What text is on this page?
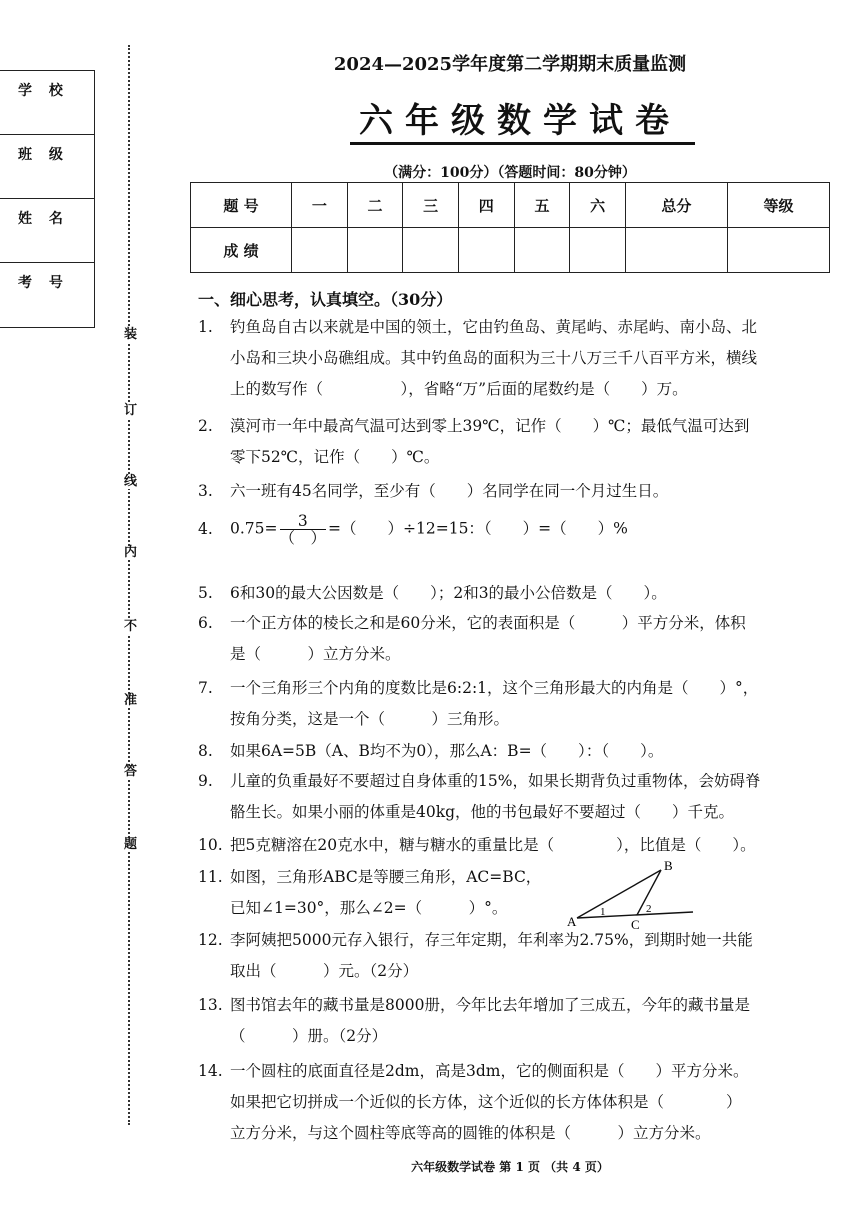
学 校
班 级
姓 名
考 号
装
订
线
内
不
准
答
题
2024—2025学年度第二学期期末质量监测
六年级数学试卷
（满分：100分）（答题时间：80分钟）
题 号	一	二	三	四	五	六	总分	等级
成 绩								
一、细心思考，认真填空。（30分）
1. 钓鱼岛自古以来就是中国的领土，它由钓鱼岛、黄尾屿、赤尾屿、南小岛、北
小岛和三块小岛礁组成。其中钓鱼岛的面积为三十八万三千八百平方米，横线
上的数写作（　　　　　），省略“万”后面的尾数约是（　　）万。
2. 漠河市一年中最高气温可达到零上39℃，记作（　　）℃；最低气温可达到
零下52℃，记作（　　）℃。
3. 六一班有45名同学，至少有（　　）名同学在同一个月过生日。
4. $0.75= \frac{3}{( )}$ =（　　）÷12=15：（　　）=（　　）%
5. 6和30的最大公因数是（　　）；2和3的最小公倍数是（　　）。
6. 一个正方体的棱长之和是60分米，它的表面积是（　　　）平方分米，体积
是（　　　）立方分米。
7. 一个三角形三个内角的度数比是6:2:1，这个三角形最大的内角是（　　）°，
按角分类，这是一个（　　　）三角形。
8. 如果6A=5B（A、B均不为0），那么A：B=（　　）：（　　）。
9. 儿童的负重最好不要超过自身体重的15%，如果长期背负过重物体，会妨碍脊
骼生长。如果小丽的体重是40kg，他的书包最好不要超过（　　）千克。
10. 把5克糖溶在20克水中，糖与糖水的重量比是（　　　　），比值是（　　）。
11. 如图，三角形ABC是等腰三角形，AC=BC，
已知∠1=30°，那么∠2=（　　　）°。
A
B
C
1	2
12. 李阿姨把5000元存入银行，存三年定期，年利率为2.75%，到期时她一共能
取出（　　　）元。（2分）
13. 图书馆去年的藏书量是8000册，今年比去年增加了三成五，今年的藏书量是
（　　　）册。（2分）
14. 一个圆柱的底面直径是2dm，高是3dm，它的侧面积是（　　）平方分米。
如果把它切拼成一个近似的长方体，这个近似的长方体体积是（　　　　）
立方分米，与这个圆柱等底等高的圆锥的体积是（　　　）立方分米。
六年级数学试卷 第 1 页 （共 4 页）
